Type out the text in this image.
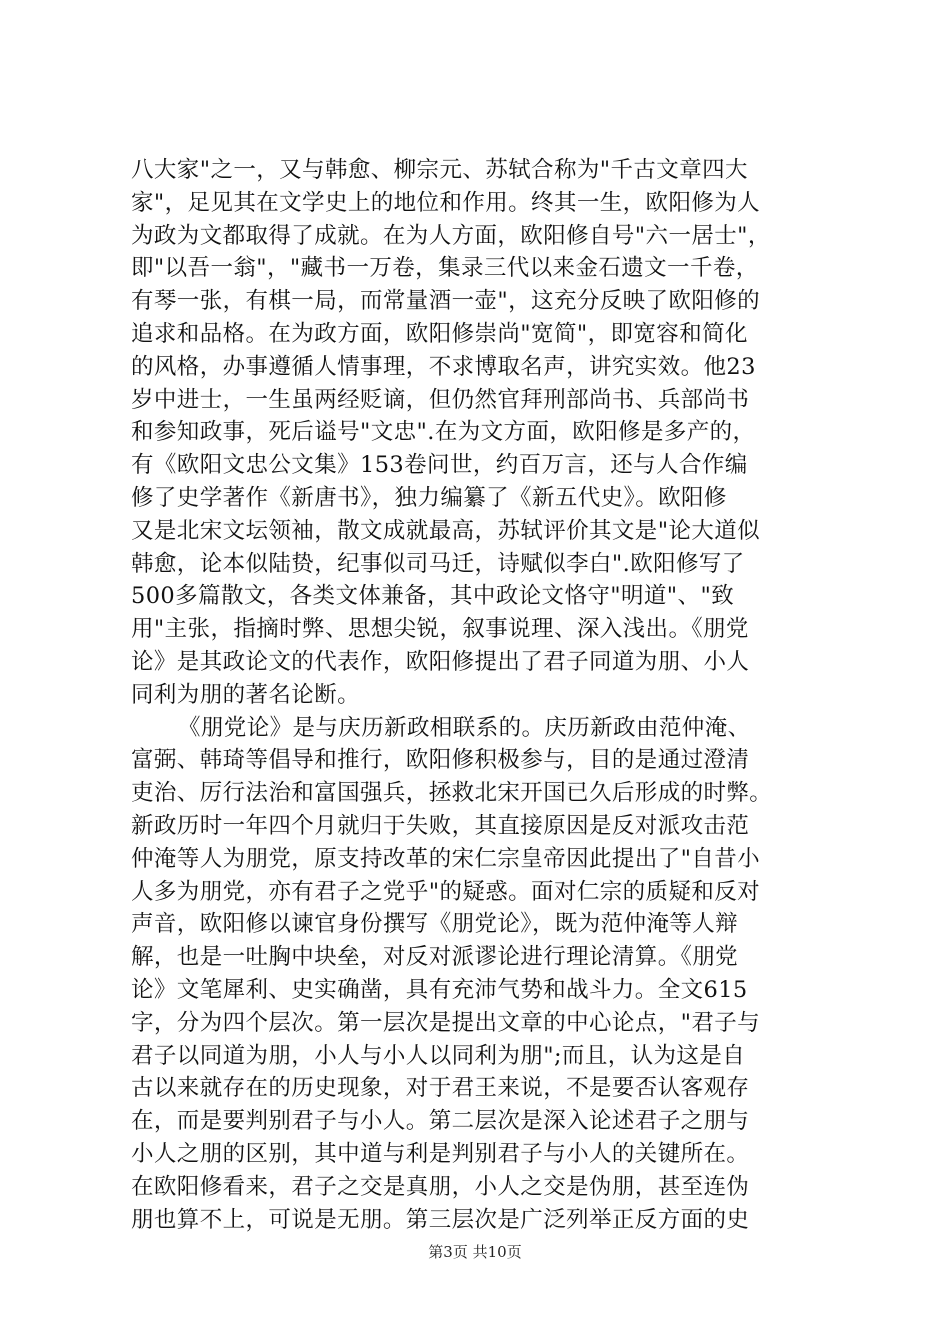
八大家"之一，又与韩愈、柳宗元、苏轼合称为"千古文章四大
家"，足见其在文学史上的地位和作用。终其一生，欧阳修为人
为政为文都取得了成就。在为人方面，欧阳修自号"六一居士"，
即"以吾一翁"，"藏书一万卷，集录三代以来金石遗文一千卷，
有琴一张，有棋一局，而常量酒一壶"，这充分反映了欧阳修的
追求和品格。在为政方面，欧阳修崇尚"宽简"，即宽容和简化
的风格，办事遵循人情事理，不求博取名声，讲究实效。他23
岁中进士，一生虽两经贬谪，但仍然官拜刑部尚书、兵部尚书
和参知政事，死后谥号"文忠".在为文方面，欧阳修是多产的，
有《欧阳文忠公文集》153卷问世，约百万言，还与人合作编
修了史学著作《新唐书》，独力编纂了《新五代史》。欧阳修
又是北宋文坛领袖，散文成就最高，苏轼评价其文是"论大道似
韩愈，论本似陆贽，纪事似司马迁，诗赋似李白".欧阳修写了
500多篇散文，各类文体兼备，其中政论文恪守"明道"、"致
用"主张，指摘时弊、思想尖锐，叙事说理、深入浅出。《朋党
论》是其政论文的代表作，欧阳修提出了君子同道为朋、小人
同利为朋的著名论断。
《朋党论》是与庆历新政相联系的。庆历新政由范仲淹、
富弼、韩琦等倡导和推行，欧阳修积极参与，目的是通过澄清
吏治、厉行法治和富国强兵，拯救北宋开国已久后形成的时弊。
新政历时一年四个月就归于失败，其直接原因是反对派攻击范
仲淹等人为朋党，原支持改革的宋仁宗皇帝因此提出了"自昔小
人多为朋党，亦有君子之党乎"的疑惑。面对仁宗的质疑和反对
声音，欧阳修以谏官身份撰写《朋党论》，既为范仲淹等人辩
解，也是一吐胸中块垒，对反对派谬论进行理论清算。《朋党
论》文笔犀利、史实确凿，具有充沛气势和战斗力。全文615
字，分为四个层次。第一层次是提出文章的中心论点，"君子与
君子以同道为朋，小人与小人以同利为朋";而且，认为这是自
古以来就存在的历史现象，对于君王来说，不是要否认客观存
在，而是要判别君子与小人。第二层次是深入论述君子之朋与
小人之朋的区别，其中道与利是判别君子与小人的关键所在。
在欧阳修看来，君子之交是真朋，小人之交是伪朋，甚至连伪
朋也算不上，可说是无朋。第三层次是广泛列举正反方面的史
第3页 共10页
